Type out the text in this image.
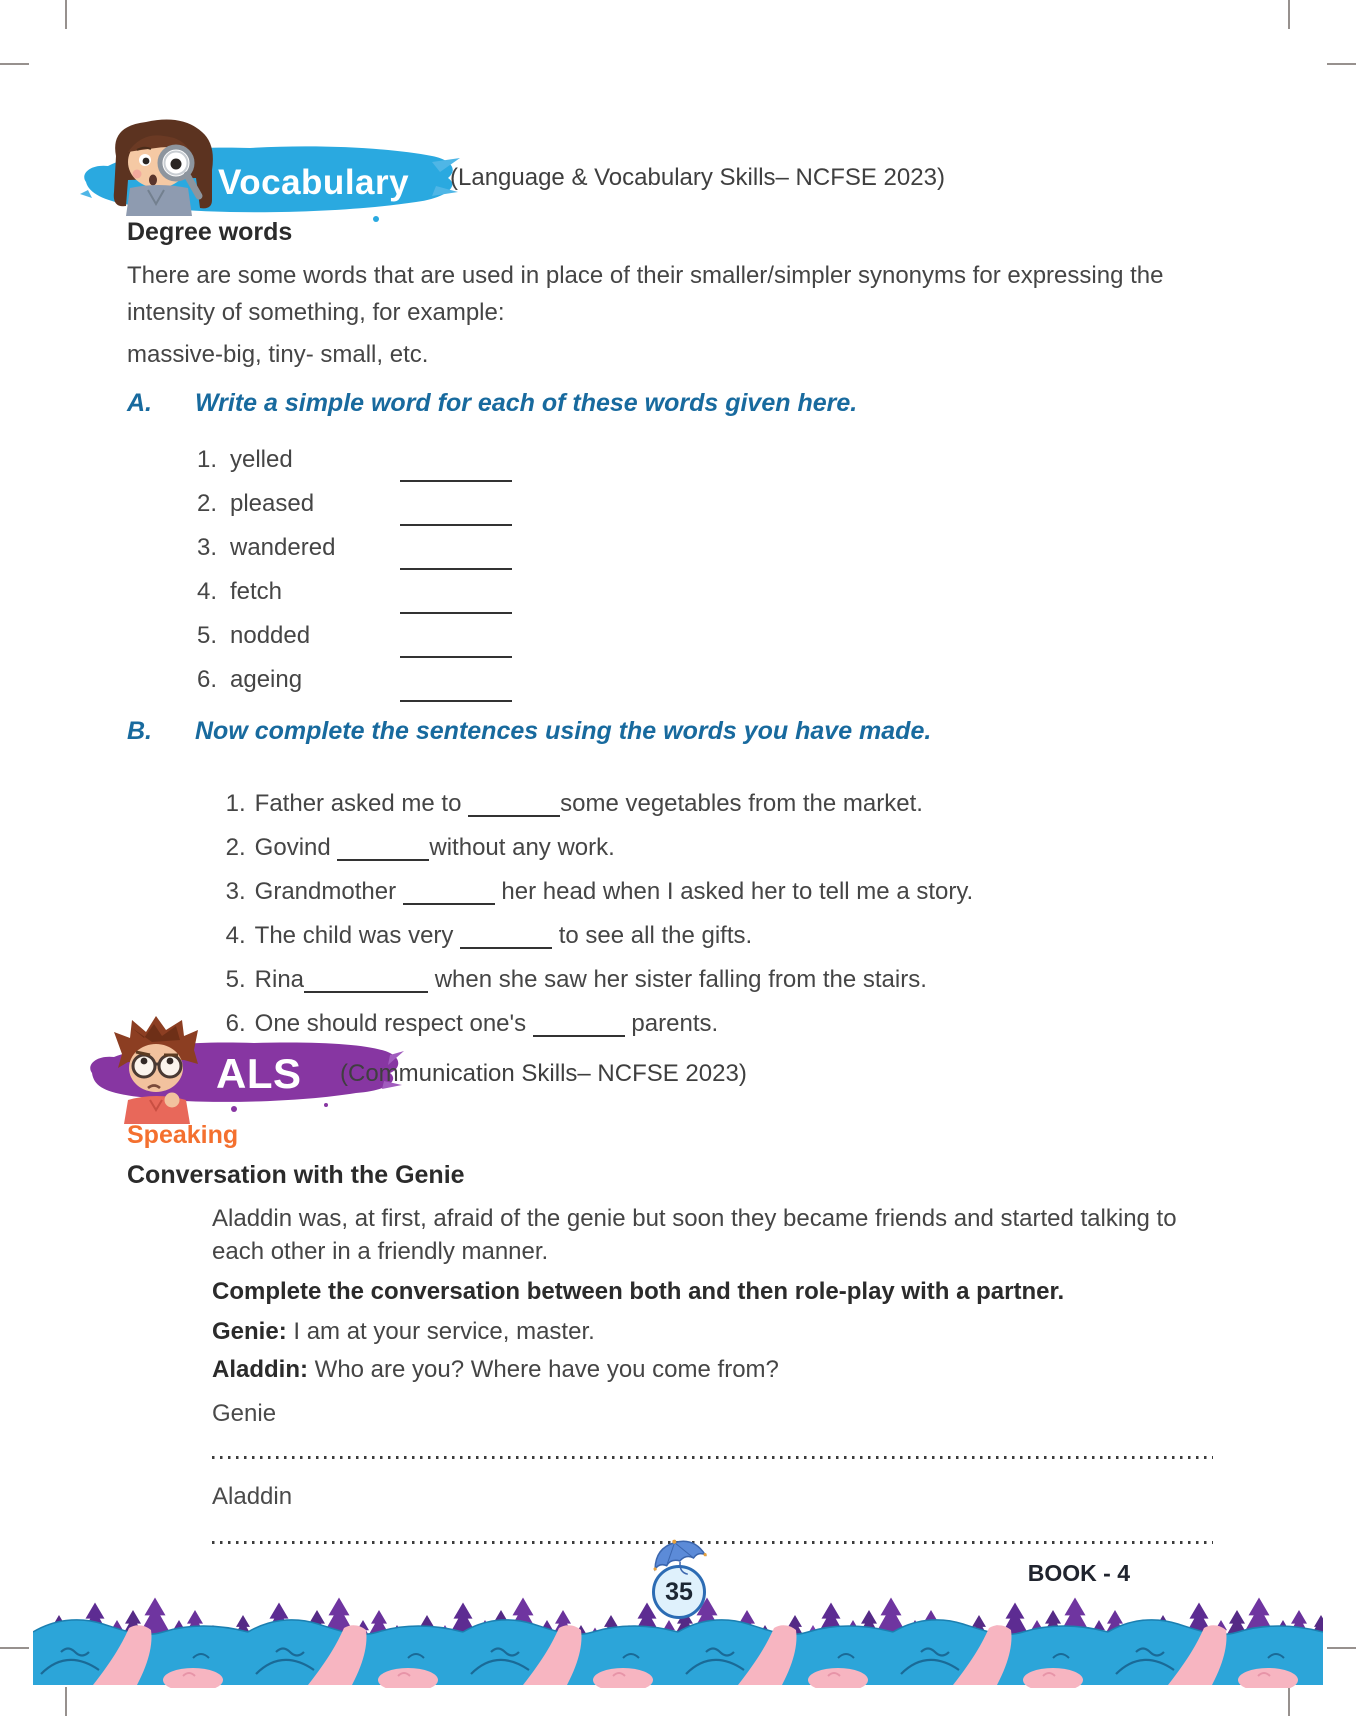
Vocabulary (Language & Vocabulary Skills– NCFSE 2023)
Degree words
There are some words that are used in place of their smaller/simpler synonyms for expressing the
intensity of something, for example:
massive-big, tiny- small, etc.
A. Write a simple word for each of these words given here.
1. yelled
2. pleased
3. wandered
4. fetch
5. nodded
6. ageing
B. Now complete the sentences using the words you have made.

1. Father asked me to	some vegetables from the market.

2. Govind	without any work.

3. Grandmother	her head when I asked her to tell me a story.

4. The child was very	to see all the gifts.

5. Rina	when she saw her sister falling from the stairs.

6. One should respect one's	parents.

ALS (Communication Skills– NCFSE 2023)
Speaking
Conversation with the Genie
Aladdin was, at first, afraid of the genie but soon they became friends and started talking to
each other in a friendly manner.
Complete the conversation between both and then role-play with a partner.
Genie: I am at your service, master.
Aladdin: Who are you? Where have you come from?
Genie
Aladdin
35
BOOK - 4
